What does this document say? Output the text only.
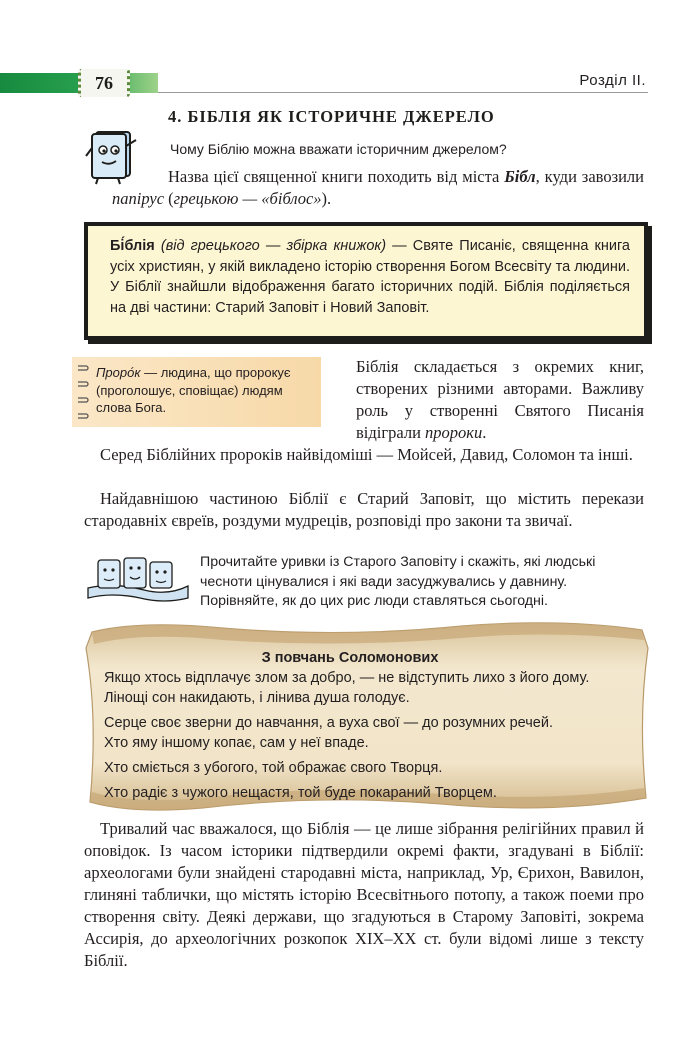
76	Розділ ІІ.
4. БІБЛІЯ ЯК ІСТОРИЧНЕ ДЖЕРЕЛО
Чому Біблію можна вважати історичним джерелом?

Назва цієї священної книги походить від міста Бібл, куди завозили папірус (грецькою — «біблос»).

Бі́блія (від грецького — збірка книжок) — Святе Писаніє, священна книга усіх християн, у якій викладено історію створення Богом Всесвіту та людини. У Біблії знайшли відображення багато історичних подій. Біблія поділяється на дві частини: Старий Заповіт і Новий Заповіт.
Проро́к — людина, що пророкує (проголошує, сповіщає) людям слова Бога.

Біблія складається з окремих книг, створених різними авторами. Важливу роль у створенні Святого Писанія відіграли пророки.

Серед Біблійних пророків найвідоміші — Мойсей, Давид, Соломон та інші.

Найдавнішою частиною Біблії є Старий Заповіт, що містить перекази стародавніх євреїв, роздуми мудреців, розповіді про закони та звичаї.

Прочитайте уривки із Старого Заповіту і скажіть, які людські чесноти цінувалися і які вади засуджувались у давнину. Порівняйте, як до цих рис люди ставляться сьогодні.
З повчань Соломонових
Якщо хтось відплачує злом за добро, — не відступить лихо з його дому.
Лінощі сон накидають, і лінива душа голодує.
Серце своє зверни до навчання, а вуха свої — до розумних речей.
Хто яму іншому копає, сам у неї впаде.
Хто сміється з убогого, той ображає свого Творця.
Хто радіє з чужого нещастя, той буде покараний Творцем.

Тривалий час вважалося, що Біблія — це лише зібрання релігійних правил й оповідок. Із часом історики підтвердили окремі факти, згадувані в Біблії: археологами були знайдені стародавні міста, наприклад, Ур, Єрихон, Вавилон, глиняні таблички, що містять історію Всесвітнього потопу, а також поеми про створення світу. Деякі держави, що згадуються в Старому Заповіті, зокрема Ассирія, до археологічних розкопок XIX–XX ст. були відомі лише з тексту Біблії.
